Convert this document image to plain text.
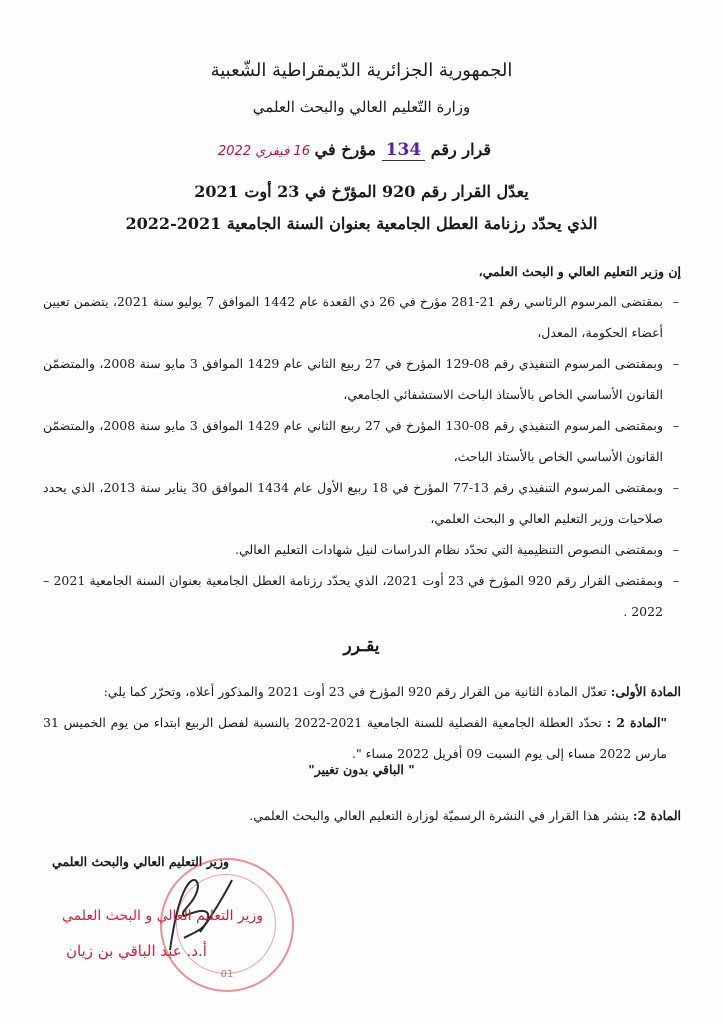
الجمهورية الجزائرية الدّيمقراطية الشّعبية
وزارة التّعليم العالي والبحث العلمي
قرار رقم 134 مؤرخ في
16 فيفري 2022
يعدّل القرار رقم 920 المؤرّخ في 23 أوت 2021
الذي يحدّد رزنامة العطل الجامعية بعنوان السنة الجامعية 2021-2022
إن وزير التعليم العالي و البحث العلمي،
–
بمقتضى المرسوم الرئاسي رقم 21-281 مؤرخ في 26 ذي القعدة عام 1442 الموافق 7 يوليو سنة 2021، يتضمن تعيين أعضاء الحكومة، المعدل،
–
وبمقتضى المرسوم التنفيذي رقم 08-129 المؤرخ في 27 ربيع الثاني عام 1429 الموافق 3 مايو سنة 2008، والمتضمّن القانون الأساسي الخاص بالأستاذ الباحث الاستشفائي الجامعي،
–
وبمقتضى المرسوم التنفيذي رقم 08-130 المؤرخ في 27 ربيع الثاني عام 1429 الموافق 3 مايو سنة 2008، والمتضمّن القانون الأساسي الخاص بالأستاذ الباحث،
–
وبمقتضى المرسوم التنفيذي رقم 13-77 المؤرخ في 18 ربيع الأول عام 1434 الموافق 30 يناير سنة 2013، الذي يحدد صلاحيات وزير التعليم العالي و البحث العلمي،
–
وبمقتضى النصوص التنظيمية التي تحدّد نظام الدراسات لنيل شهادات التعليم العالي.
–
وبمقتضى القرار رقم 920 المؤرخ في 23 أوت 2021، الذي يحدّد رزنامة العطل الجامعية بعنوان السنة الجامعية 2021 – 2022 .
يقـرر
المادة الأولى: تعدّل المادة الثانية من القرار رقم 920 المؤرخ في 23 أوت 2021 والمذكور أعلاه، وتحرّر كما يلي:
"المادة 2 : تحدّد العطلة الجامعية الفصلية للسنة الجامعية 2021-2022 بالنسبة لفصل الربيع ابتداء من يوم الخميس 31 مارس 2022 مساء إلى يوم السبت 09 أفريل 2022 مساء ".
" الباقي بدون تغيير"
المادة 2: ينشر هذا القرار في النشرة الرسميّة لوزارة التعليم العالي والبحث العلمي.
وزير التعليم العالي والبحث العلمي
01
وزير التعليم العالي و البحث العلمي
أ.د. عبد الباقي بن زيان
